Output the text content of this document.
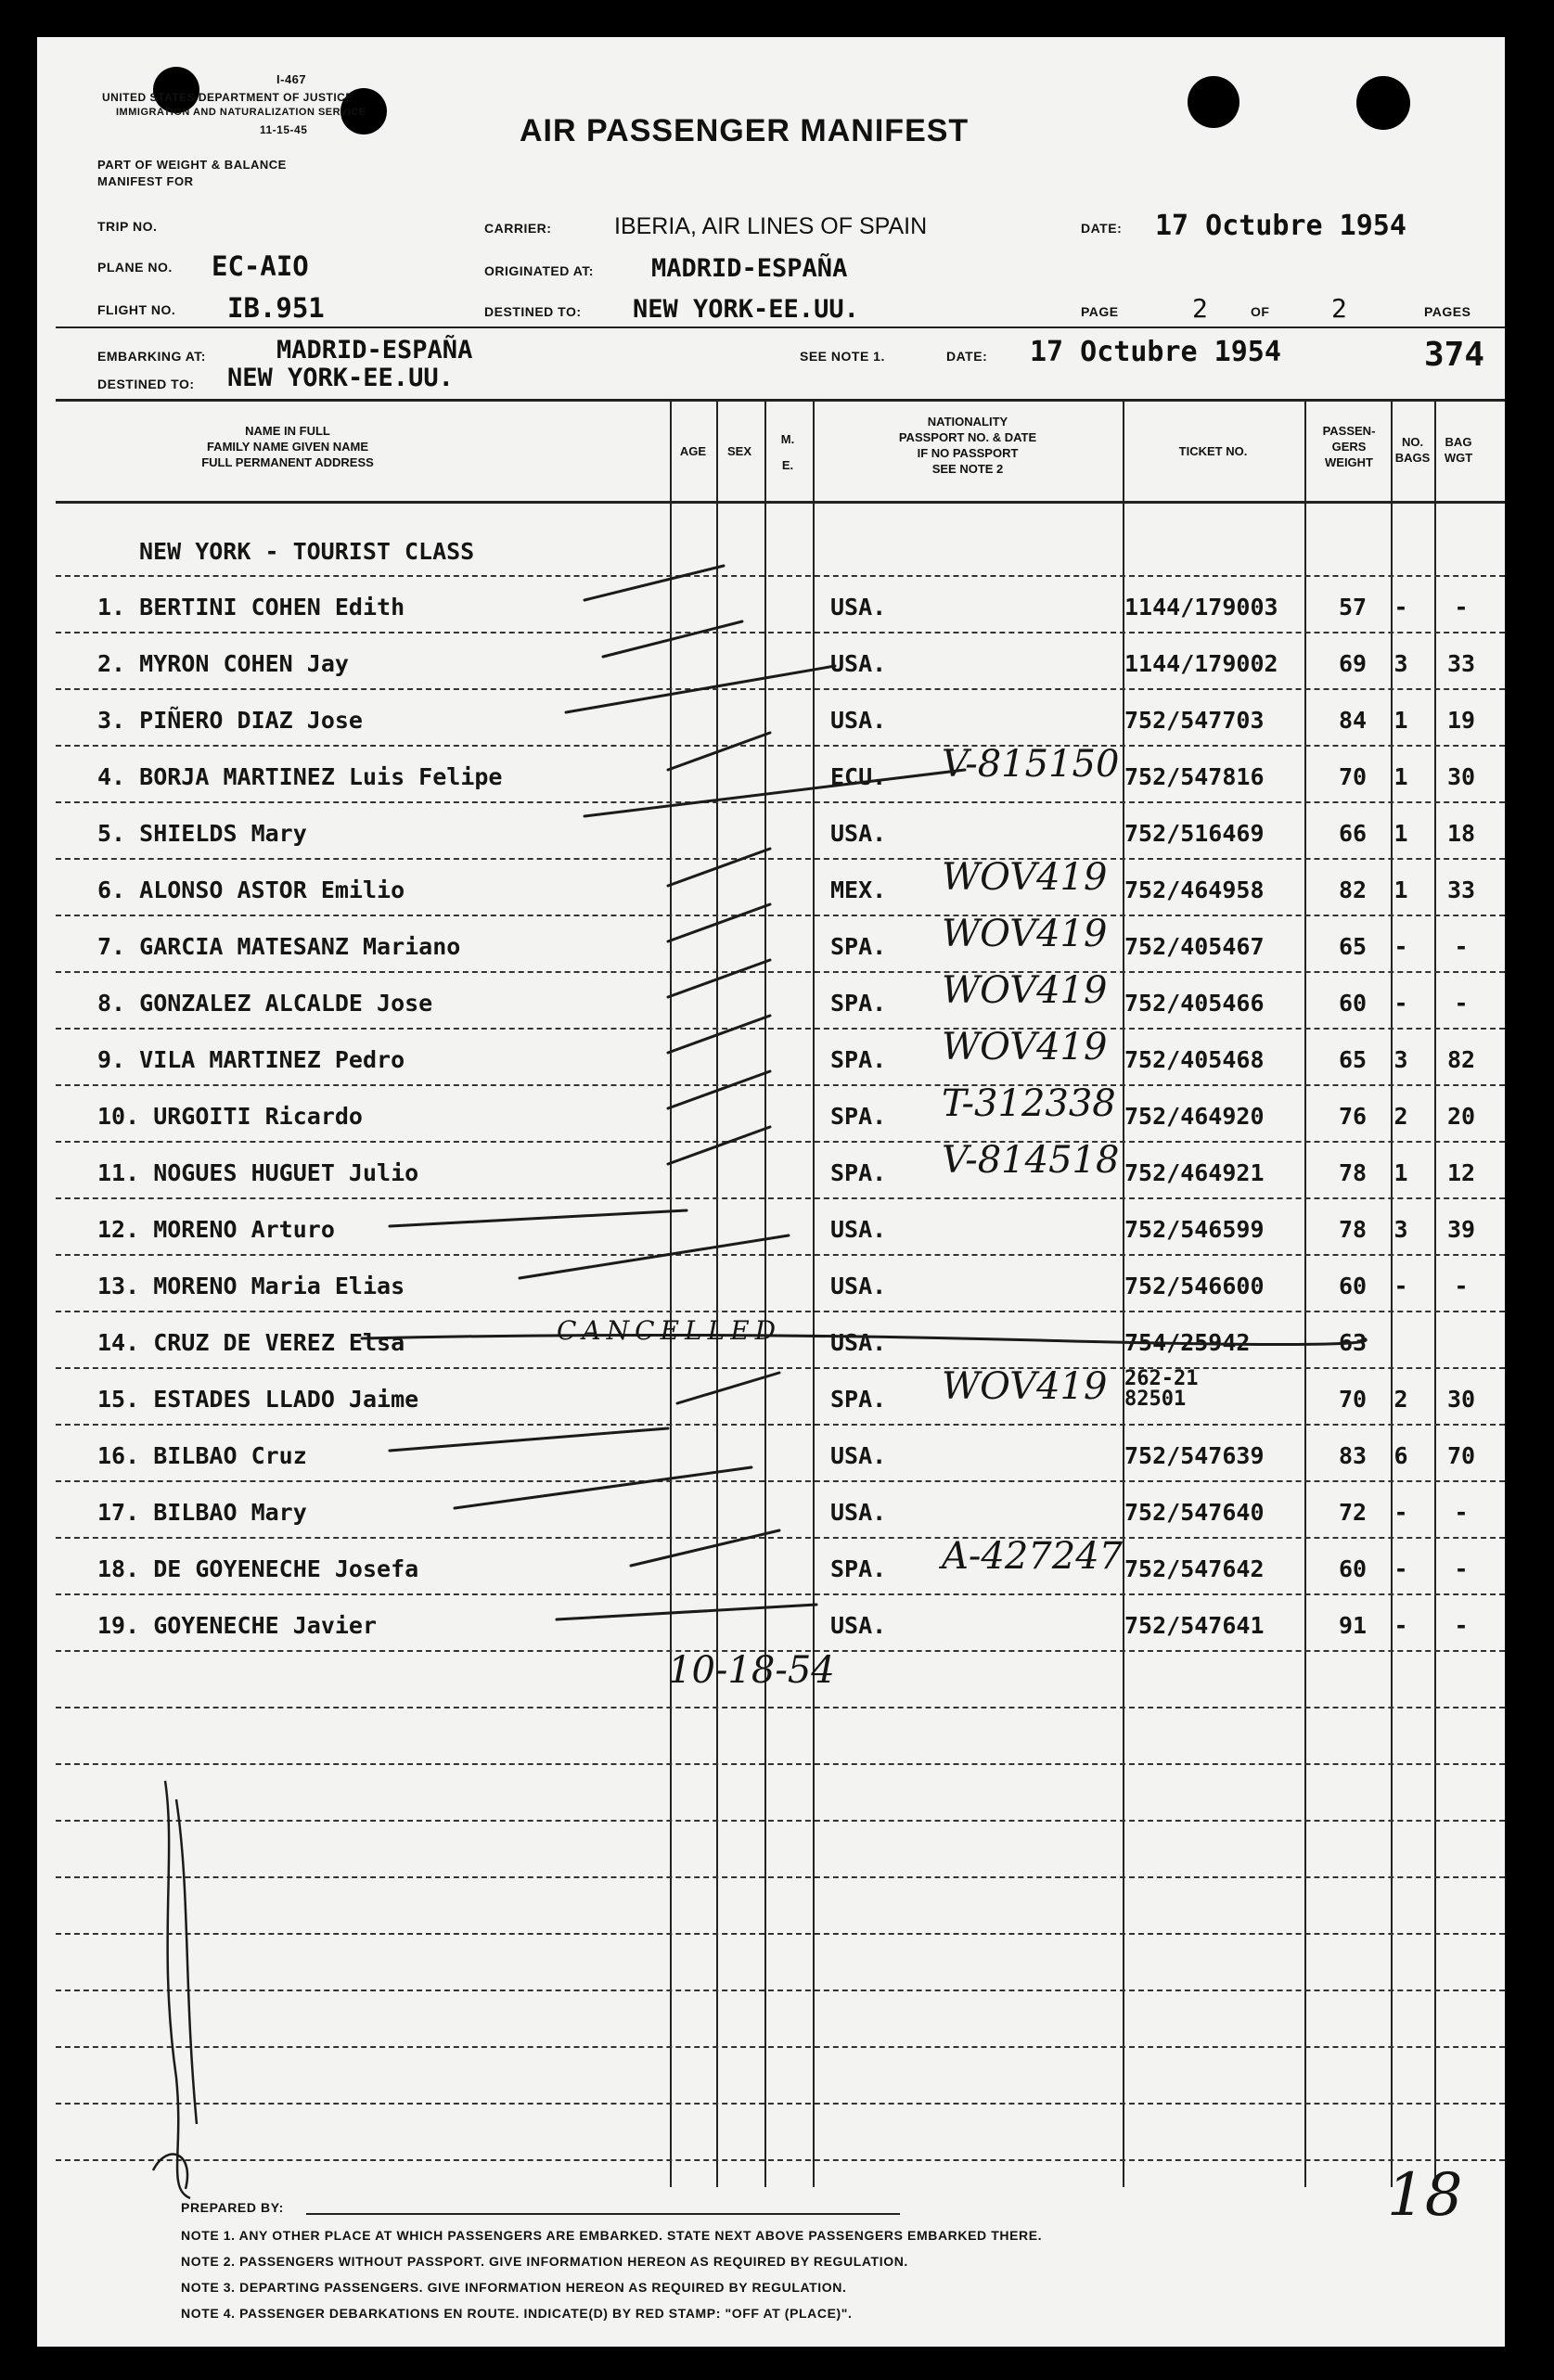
I-467
UNITED STATES DEPARTMENT OF JUSTICE
IMMIGRATION AND NATURALIZATION SERVICE
11-15-45
PART OF WEIGHT & BALANCE
MANIFEST FOR
AIR PASSENGER MANIFEST
TRIP NO.
PLANE NO. EC-AIO
FLIGHT NO. IB.951
CARRIER:	IBERIA, AIR LINES OF SPAIN
ORIGINATED AT: MADRID-ESPAÑA
DESTINED TO: NEW YORK-EE.UU.
DATE: 17 Octubre 1954
PAGE	2	OF 2	PAGES
EMBARKING AT:	MADRID-ESPAÑA
DESTINED TO: NEW YORK-EE.UU.
SEE NOTE 1.	DATE: 17 Octubre 1954	374
NAME IN FULL
FAMILY NAME GIVEN NAME
FULL PERMANENT ADDRESS
AGE	SEX
M.
E.
NATIONALITY
PASSPORT NO. & DATE
IF NO PASSPORT
SEE NOTE 2
TICKET NO.
PASSEN-
GERS
WEIGHT
NO.
BAGS
BAG
WGT
NEW YORK - TOURIST CLASS
1. BERTINI COHEN Edith	USA.	1144/179003	57 - -
2. MYRON COHEN Jay	USA.	1144/179002	69 3 33
3. PIÑERO DIAZ Jose	USA.	752/547703	84 1 19
4. BORJA MARTINEZ Luis Felipe	ECU. V-815150 752/547816	70 1 30
5. SHIELDS Mary	USA.	752/516469	66 1 18
6. ALONSO ASTOR Emilio	MEX. WOV419 752/464958	82 1 33
7. GARCIA MATESANZ Mariano	SPA. WOV419 752/405467	65 - -
8. GONZALEZ ALCALDE Jose	SPA. WOV419 752/405466	60 - -
9. VILA MARTINEZ Pedro	SPA. WOV419 752/405468	65 3 82
10. URGOITI Ricardo	SPA. T-312338 752/464920	76 2 20
11. NOGUES HUGUET Julio	SPA. V-814518 752/464921	78 1 12
12. MORENO Arturo	USA.	752/546599	78 3 39
13. MORENO Maria Elias	USA.	752/546600	60 - -
14. CRUZ DE VEREZ Elsa	USA.	754/25942	63
15. ESTADES LLADO Jaime	SPA. WOV419 262-21
82501	70 2 30
16. BILBAO Cruz	USA.	752/547639	83 6 70
17. BILBAO Mary	USA.	752/547640	72 - -
18. DE GOYENECHE Josefa	SPA. A-427247 752/547642	60 - -
19. GOYENECHE Javier	USA.	752/547641	91 - -
CANCELLED
10-18-54
18
PREPARED BY:
NOTE 1. ANY OTHER PLACE AT WHICH PASSENGERS ARE EMBARKED. STATE NEXT ABOVE PASSENGERS EMBARKED THERE.
NOTE 2. PASSENGERS WITHOUT PASSPORT. GIVE INFORMATION HEREON AS REQUIRED BY REGULATION.
NOTE 3. DEPARTING PASSENGERS. GIVE INFORMATION HEREON AS REQUIRED BY REGULATION.
NOTE 4. PASSENGER DEBARKATIONS EN ROUTE. INDICATE(D) BY RED STAMP: "OFF AT (PLACE)".
